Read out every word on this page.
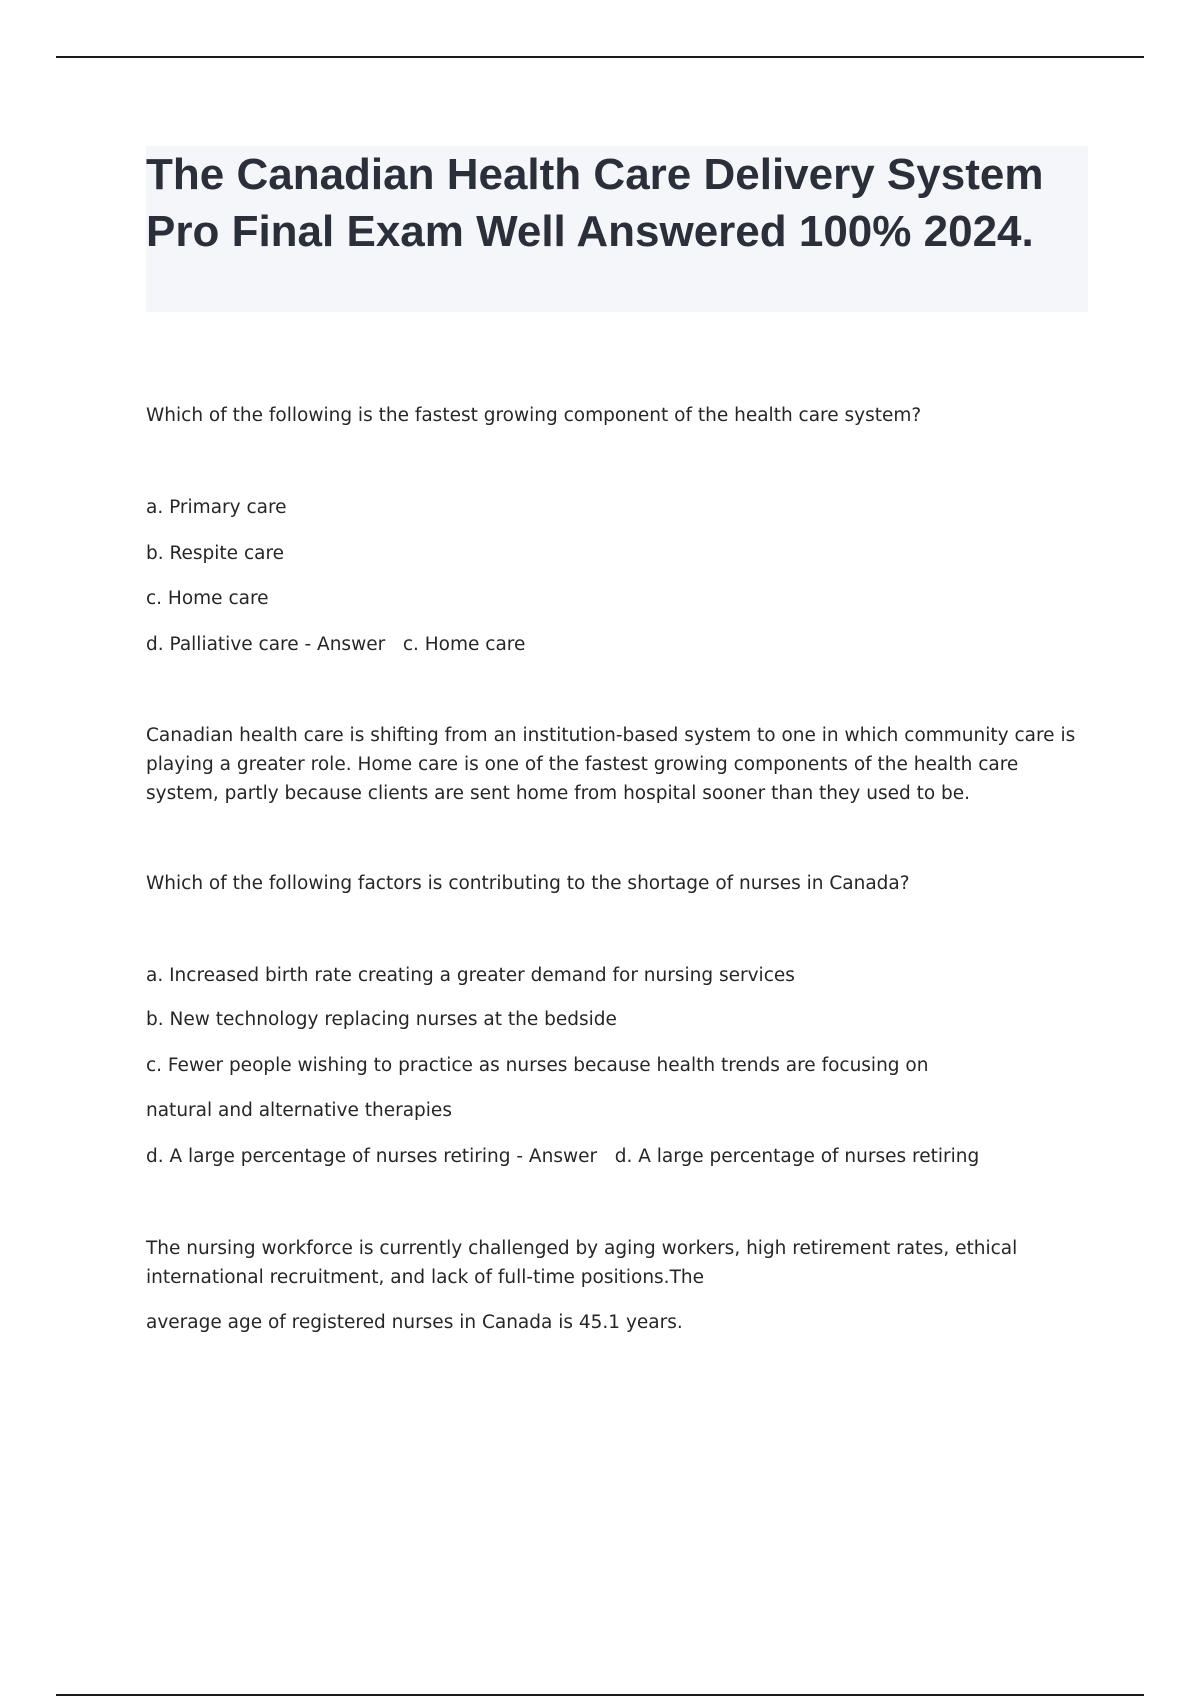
The Canadian Health Care Delivery System  Pro Final Exam Well Answered 100% 2024.
Which of the following is the fastest growing component of the health care system?
a. Primary care
b. Respite care
c. Home care
d. Palliative care - Answer   c. Home care
Canadian health care is shifting from an institution-based system to one in which community care is playing a greater role. Home care is one of the fastest growing components of the health care system, partly because clients are sent home from hospital sooner than they used to be.
Which of the following factors is contributing to the shortage of nurses in Canada?
a. Increased birth rate creating a greater demand for nursing services
b. New technology replacing nurses at the bedside
c. Fewer people wishing to practice as nurses because health trends are focusing on
natural and alternative therapies
d. A large percentage of nurses retiring - Answer   d. A large percentage of nurses retiring
The nursing workforce is currently challenged by aging workers, high retirement rates, ethical international recruitment, and lack of full-time positions.The
average age of registered nurses in Canada is 45.1 years.
